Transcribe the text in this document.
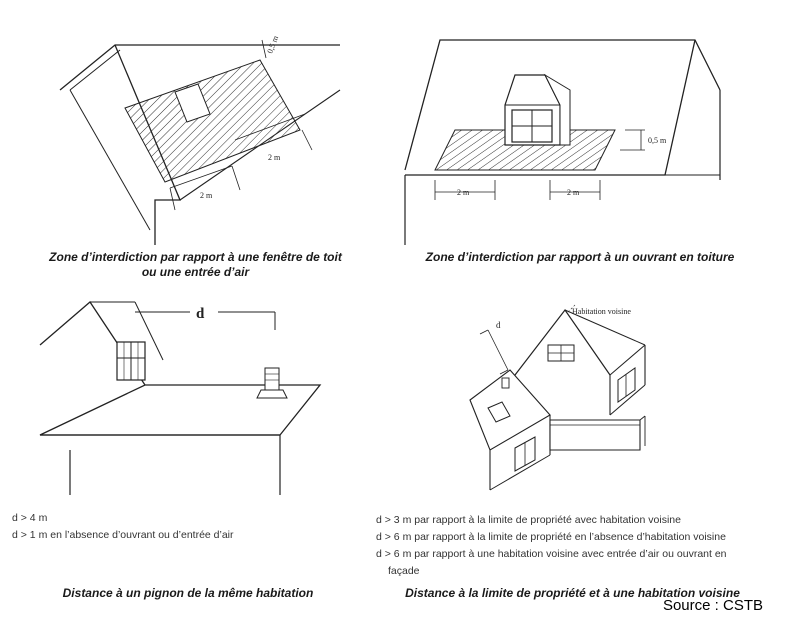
0,5 m
2 m
2 m
Zone d’interdiction par rapport à une fenêtre de toit
ou une entrée d’air
0,5 m
2 m	2 m
Zone d’interdiction par rapport à un ouvrant en toiture
d
d > 4 m
d > 1 m en l’absence d’ouvrant ou d’entrée d’air
Distance à un pignon de la même habitation
d
Habitation voisine
d > 3 m par rapport à la limite de propriété avec habitation voisine
d > 6 m par rapport à la limite de propriété en l’absence d’habitation voisine
d > 6 m par rapport à une habitation voisine avec entrée d’air ou ouvrant en
façade
Distance à la limite de propriété et à une habitation voisine
Source : CSTB
